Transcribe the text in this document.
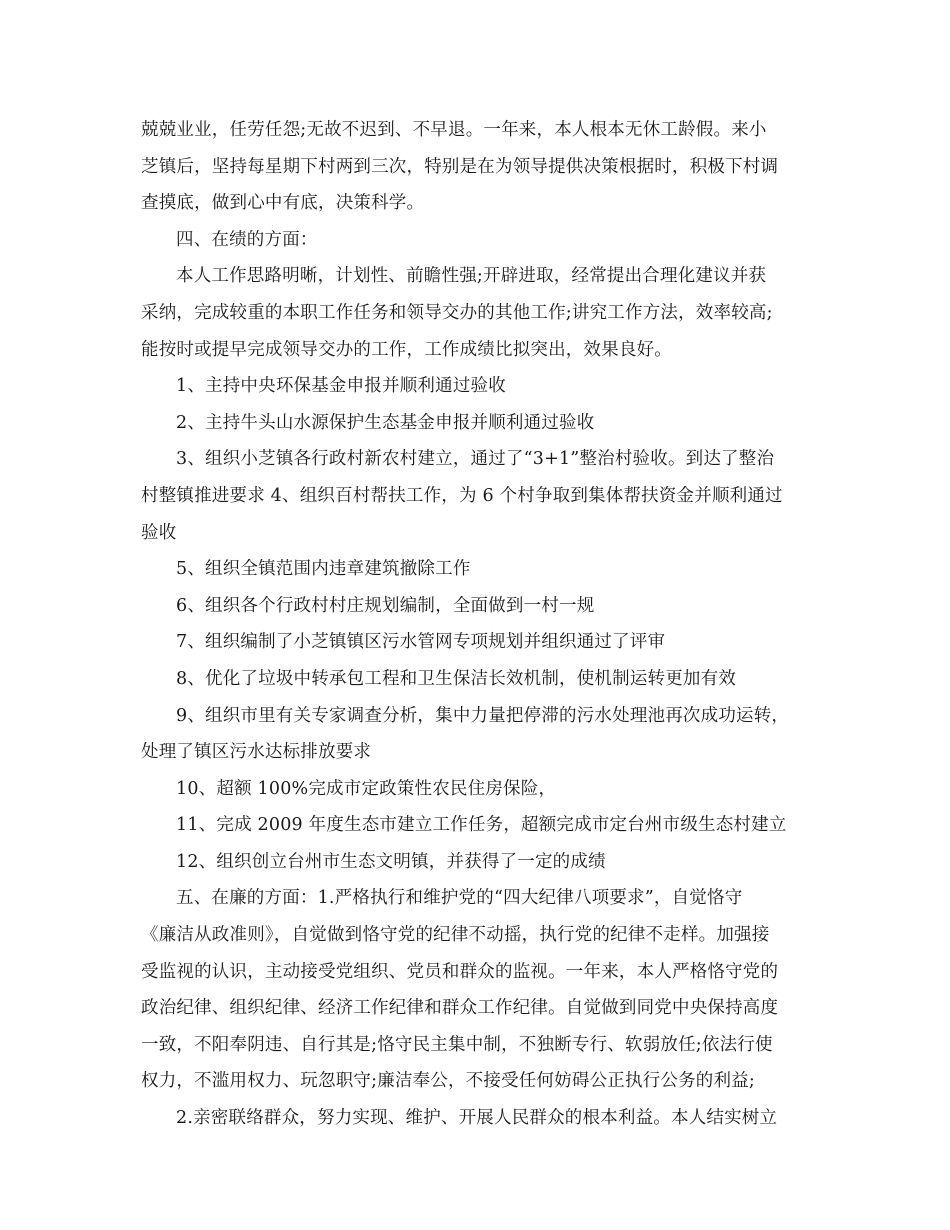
兢兢业业，任劳任怨;无故不迟到、不早退。一年来，本人根本无休工龄假。来小
芝镇后，坚持每星期下村两到三次，特别是在为领导提供决策根据时，积极下村调
查摸底，做到心中有底，决策科学。

四、在绩的方面：

本人工作思路明晰，计划性、前瞻性强;开辟进取，经常提出合理化建议并获
采纳，完成较重的本职工作任务和领导交办的其他工作;讲究工作方法，效率较高;
能按时或提早完成领导交办的工作，工作成绩比拟突出，效果良好。

1、主持中央环保基金申报并顺利通过验收

2、主持牛头山水源保护生态基金申报并顺利通过验收

3、组织小芝镇各行政村新农村建立，通过了“3+1”整治村验收。到达了整治
村整镇推进要求 4、组织百村帮扶工作，为 6 个村争取到集体帮扶资金并顺利通过
验收

5、组织全镇范围内违章建筑撤除工作

6、组织各个行政村村庄规划编制，全面做到一村一规

7、组织编制了小芝镇镇区污水管网专项规划并组织通过了评审

8、优化了垃圾中转承包工程和卫生保洁长效机制，使机制运转更加有效

9、组织市里有关专家调查分析，集中力量把停滞的污水处理池再次成功运转，
处理了镇区污水达标排放要求

10、超额 100%完成市定政策性农民住房保险，

11、完成 2009 年度生态市建立工作任务，超额完成市定台州市级生态村建立

12、组织创立台州市生态文明镇，并获得了一定的成绩

五、在廉的方面：1.严格执行和维护党的“四大纪律八项要求”，自觉恪守
《廉洁从政准则》，自觉做到恪守党的纪律不动摇，执行党的纪律不走样。加强接
受监视的认识，主动接受党组织、党员和群众的监视。一年来，本人严格恪守党的
政治纪律、组织纪律、经济工作纪律和群众工作纪律。自觉做到同党中央保持高度
一致，不阳奉阴违、自行其是;恪守民主集中制，不独断专行、软弱放任;依法行使
权力，不滥用权力、玩忽职守;廉洁奉公，不接受任何妨碍公正执行公务的利益;

2.亲密联络群众，努力实现、维护、开展人民群众的根本利益。本人结实树立
